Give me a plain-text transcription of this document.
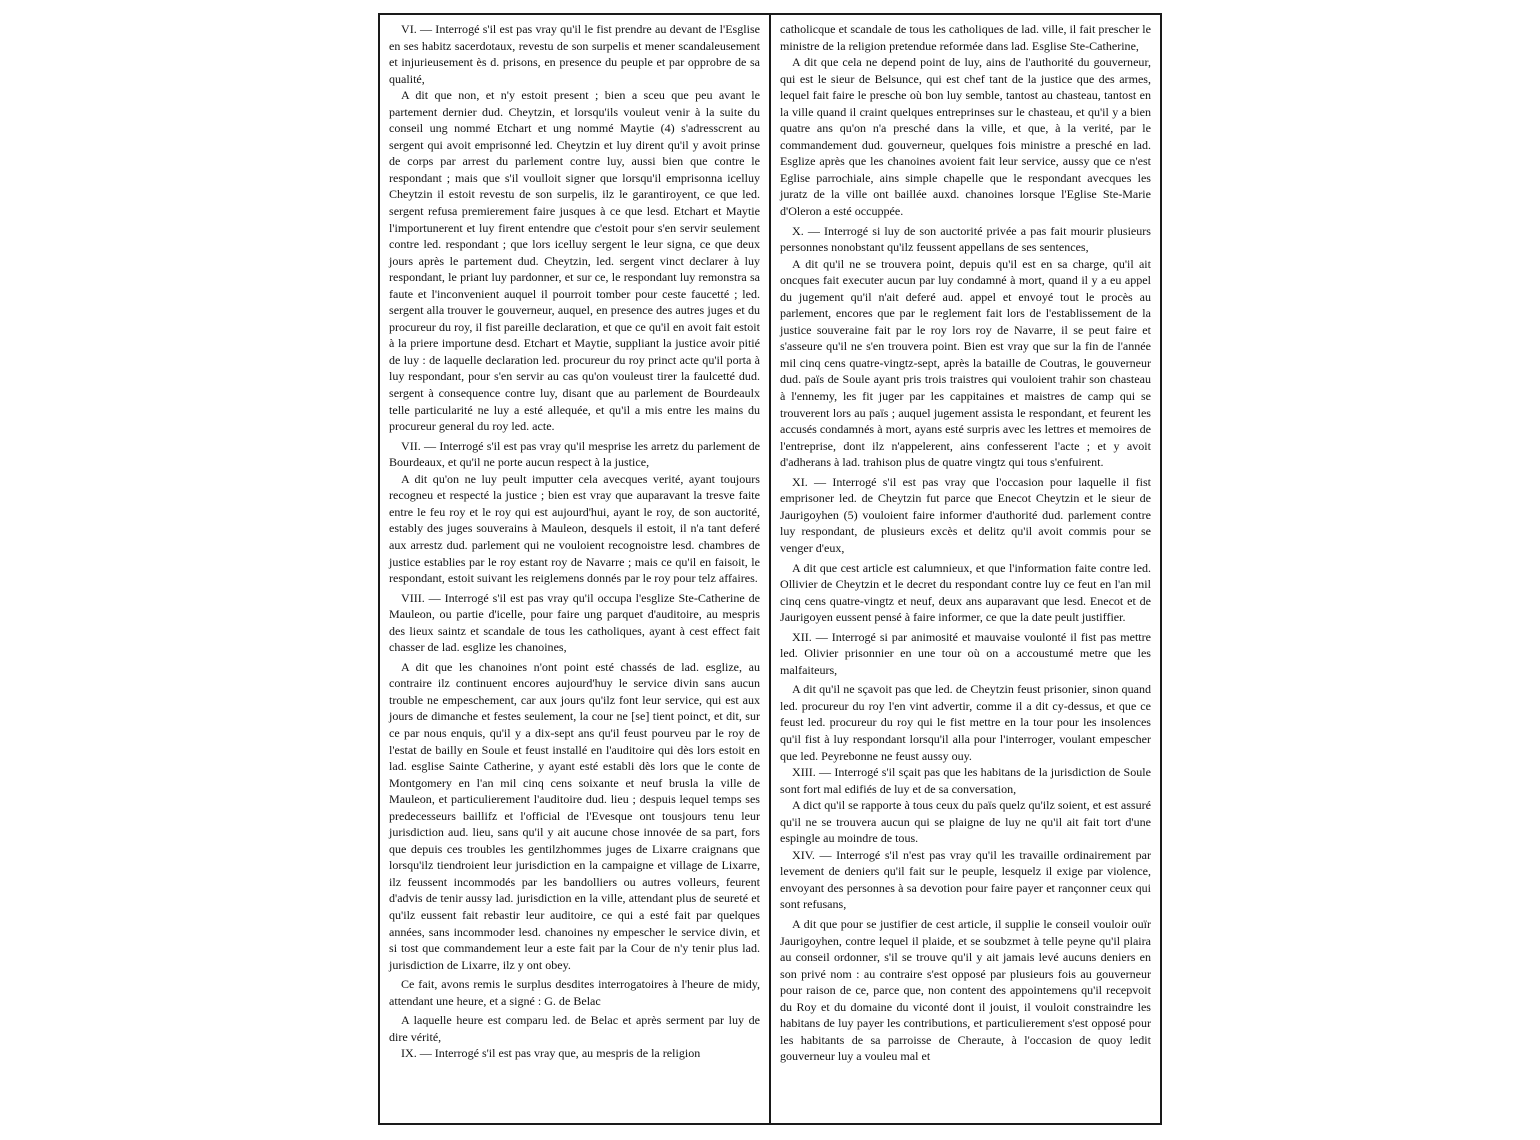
VI. — Interrogé s'il est pas vray qu'il le fist prendre au devant de l'Esglise en ses habitz sacerdotaux, revestu de son surpelis et mener scandaleusement et injurieusement ès d. prisons, en presence du peuple et par opprobre de sa qualité,

A dit que non, et n'y estoit present ; bien a sceu que peu avant le partement dernier dud. Cheytzin, et lorsqu'ils vouleut venir à la suite du conseil ung nommé Etchart et ung nommé Maytie (4) s'adresscrent au sergent qui avoit emprisonné led. Cheytzin et luy dirent qu'il y avoit prinse de corps par arrest du parlement contre luy, aussi bien que contre le respondant ; mais que s'il voulloit signer que lorsqu'il emprisonna icelluy Cheytzin il estoit revestu de son surpelis, ilz le garantiroyent, ce que led. sergent refusa premierement faire jusques à ce que lesd. Etchart et Maytie l'importunerent et luy firent entendre que c'estoit pour s'en servir seulement contre led. respondant ; que lors icelluy sergent le leur signa, ce que deux jours après le partement dud. Cheytzin, led. sergent vinct declarer à luy respondant, le priant luy pardonner, et sur ce, le respondant luy remonstra sa faute et l'inconvenient auquel il pourroit tomber pour ceste faucetté ; led. sergent alla trouver le gouverneur, auquel, en presence des autres juges et du procureur du roy, il fist pareille declaration, et que ce qu'il en avoit fait estoit à la priere importune desd. Etchart et Maytie, suppliant la justice avoir pitié de luy : de laquelle declaration led. procureur du roy princt acte qu'il porta à luy respondant, pour s'en servir au cas qu'on vouleust tirer la faulcetté dud. sergent à consequence contre luy, disant que au parlement de Bourdeaulx telle particularité ne luy a esté allequée, et qu'il a mis entre les mains du procureur general du roy led. acte.

VII. — Interrogé s'il est pas vray qu'il mesprise les arretz du parlement de Bourdeaux, et qu'il ne porte aucun respect à la justice,

A dit qu'on ne luy peult imputter cela avecques verité, ayant toujours recogneu et respecté la justice ; bien est vray que auparavant la tresve faite entre le feu roy et le roy qui est aujourd'hui, ayant le roy, de son auctorité, estably des juges souverains à Mauleon, desquels il estoit, il n'a tant deferé aux arrestz dud. parlement qui ne vouloient recognoistre lesd. chambres de justice establies par le roy estant roy de Navarre ; mais ce qu'il en faisoit, le respondant, estoit suivant les reiglemens donnés par le roy pour telz affaires.

VIII. — Interrogé s'il est pas vray qu'il occupa l'esglize Ste-Catherine de Mauleon, ou partie d'icelle, pour faire ung parquet d'auditoire, au mespris des lieux saintz et scandale de tous les catholiques, ayant à cest effect fait chasser de lad. esglize les chanoines,

A dit que les chanoines n'ont point esté chassés de lad. esglize, au contraire ilz continuent encores aujourd'huy le service divin sans aucun trouble ne empeschement, car aux jours qu'ilz font leur service, qui est aux jours de dimanche et festes seulement, la cour ne [se] tient poinct, et dit, sur ce par nous enquis, qu'il y a dix-sept ans qu'il feust pourveu par le roy de l'estat de bailly en Soule et feust installé en l'auditoire qui dès lors estoit en lad. esglise Sainte Catherine, y ayant esté establi dès lors que le conte de Montgomery en l'an mil cinq cens soixante et neuf brusla la ville de Mauleon, et particulierement l'auditoire dud. lieu ; despuis lequel temps ses predecesseurs baillifz et l'official de l'Evesque ont tousjours tenu leur jurisdiction aud. lieu, sans qu'il y ait aucune chose innovée de sa part, fors que depuis ces troubles les gentilzhommes juges de Lixarre craignans que lorsqu'ilz tiendroient leur jurisdiction en la campaigne et village de Lixarre, ilz feussent incommodés par les bandolliers ou autres volleurs, feurent d'advis de tenir aussy lad. jurisdiction en la ville, attendant plus de seureté et qu'ilz eussent fait rebastir leur auditoire, ce qui a esté fait par quelques années, sans incommoder lesd. chanoines ny empescher le service divin, et si tost que commandement leur a este fait par la Cour de n'y tenir plus lad. jurisdiction de Lixarre, ilz y ont obey.

Ce fait, avons remis le surplus desdites interrogatoires à l'heure de midy, attendant une heure, et a signé : G. de Belac

A laquelle heure est comparu led. de Belac et après serment par luy de dire vérité,

IX. — Interrogé s'il est pas vray que, au mespris de la religion

catholicque et scandale de tous les catholiques de lad. ville, il fait prescher le ministre de la religion pretendue reformée dans lad. Esglise Ste-Catherine,

A dit que cela ne depend point de luy, ains de l'authorité du gouverneur, qui est le sieur de Belsunce, qui est chef tant de la justice que des armes, lequel fait faire le presche où bon luy semble, tantost au chasteau, tantost en la ville quand il craint quelques entreprinses sur le chasteau, et qu'il y a bien quatre ans qu'on n'a presché dans la ville, et que, à la verité, par le commandement dud. gouverneur, quelques fois ministre a presché en lad. Esglize après que les chanoines avoient fait leur service, aussy que ce n'est Eglise parrochiale, ains simple chapelle que le respondant avecques les juratz de la ville ont baillée auxd. chanoines lorsque l'Eglise Ste-Marie d'Oleron a esté occuppée.

X. — Interrogé si luy de son auctorité privée a pas fait mourir plusieurs personnes nonobstant qu'ilz feussent appellans de ses sentences,

A dit qu'il ne se trouvera point, depuis qu'il est en sa charge, qu'il ait oncques fait executer aucun par luy condamné à mort, quand il y a eu appel du jugement qu'il n'ait deferé aud. appel et envoyé tout le procès au parlement, encores que par le reglement fait lors de l'establissement de la justice souveraine fait par le roy lors roy de Navarre, il se peut faire et s'asseure qu'il ne s'en trouvera point. Bien est vray que sur la fin de l'année mil cinq cens quatre-vingtz-sept, après la bataille de Coutras, le gouverneur dud. païs de Soule ayant pris trois traistres qui vouloient trahir son chasteau à l'ennemy, les fit juger par les cappitaines et maistres de camp qui se trouverent lors au païs ; auquel jugement assista le respondant, et feurent les accusés condamnés à mort, ayans esté surpris avec les lettres et memoires de l'entreprise, dont ilz n'appelerent, ains confesserent l'acte ; et y avoit d'adherans à lad. trahison plus de quatre vingtz qui tous s'enfuirent.

XI. — Interrogé s'il est pas vray que l'occasion pour laquelle il fist emprisoner led. de Cheytzin fut parce que Enecot Cheytzin et le sieur de Jaurigoyhen (5) vouloient faire informer d'authorité dud. parlement contre luy respondant, de plusieurs excès et delitz qu'il avoit commis pour se venger d'eux,

A dit que cest article est calumnieux, et que l'information faite contre led. Ollivier de Cheytzin et le decret du respondant contre luy ce feut en l'an mil cinq cens quatre-vingtz et neuf, deux ans auparavant que lesd. Enecot et de Jaurigoyen eussent pensé à faire informer, ce que la date peult justiffier.

XII. — Interrogé si par animosité et mauvaise voulonté il fist pas mettre led. Olivier prisonnier en une tour où on a accoustumé metre que les malfaiteurs,

A dit qu'il ne sçavoit pas que led. de Cheytzin feust prisonier, sinon quand led. procureur du roy l'en vint advertir, comme il a dit cy-dessus, et que ce feust led. procureur du roy qui le fist mettre en la tour pour les insolences qu'il fist à luy respondant lorsqu'il alla pour l'interroger, voulant empescher que led. Peyrebonne ne feust aussy ouy.

XIII. — Interrogé s'il sçait pas que les habitans de la jurisdiction de Soule sont fort mal edifiés de luy et de sa conversation,

A dict qu'il se rapporte à tous ceux du païs quelz qu'ilz soient, et est assuré qu'il ne se trouvera aucun qui se plaigne de luy ne qu'il ait fait tort d'une espingle au moindre de tous.

XIV. — Interrogé s'il n'est pas vray qu'il les travaille ordinairement par levement de deniers qu'il fait sur le peuple, lesquelz il exige par violence, envoyant des personnes à sa devotion pour faire payer et rançonner ceux qui sont refusans,

A dit que pour se justifier de cest article, il supplie le conseil vouloir ouïr Jaurigoyhen, contre lequel il plaide, et se soubzmet à telle peyne qu'il plaira au conseil ordonner, s'il se trouve qu'il y ait jamais levé aucuns deniers en son privé nom : au contraire s'est opposé par plusieurs fois au gouverneur pour raison de ce, parce que, non content des appointemens qu'il recepvoit du Roy et du domaine du viconté dont il jouist, il vouloit constraindre les habitans de luy payer les contributions, et particulierement s'est opposé pour les habitants de sa parroisse de Cheraute, à l'occasion de quoy ledit gouverneur luy a vouleu mal et
